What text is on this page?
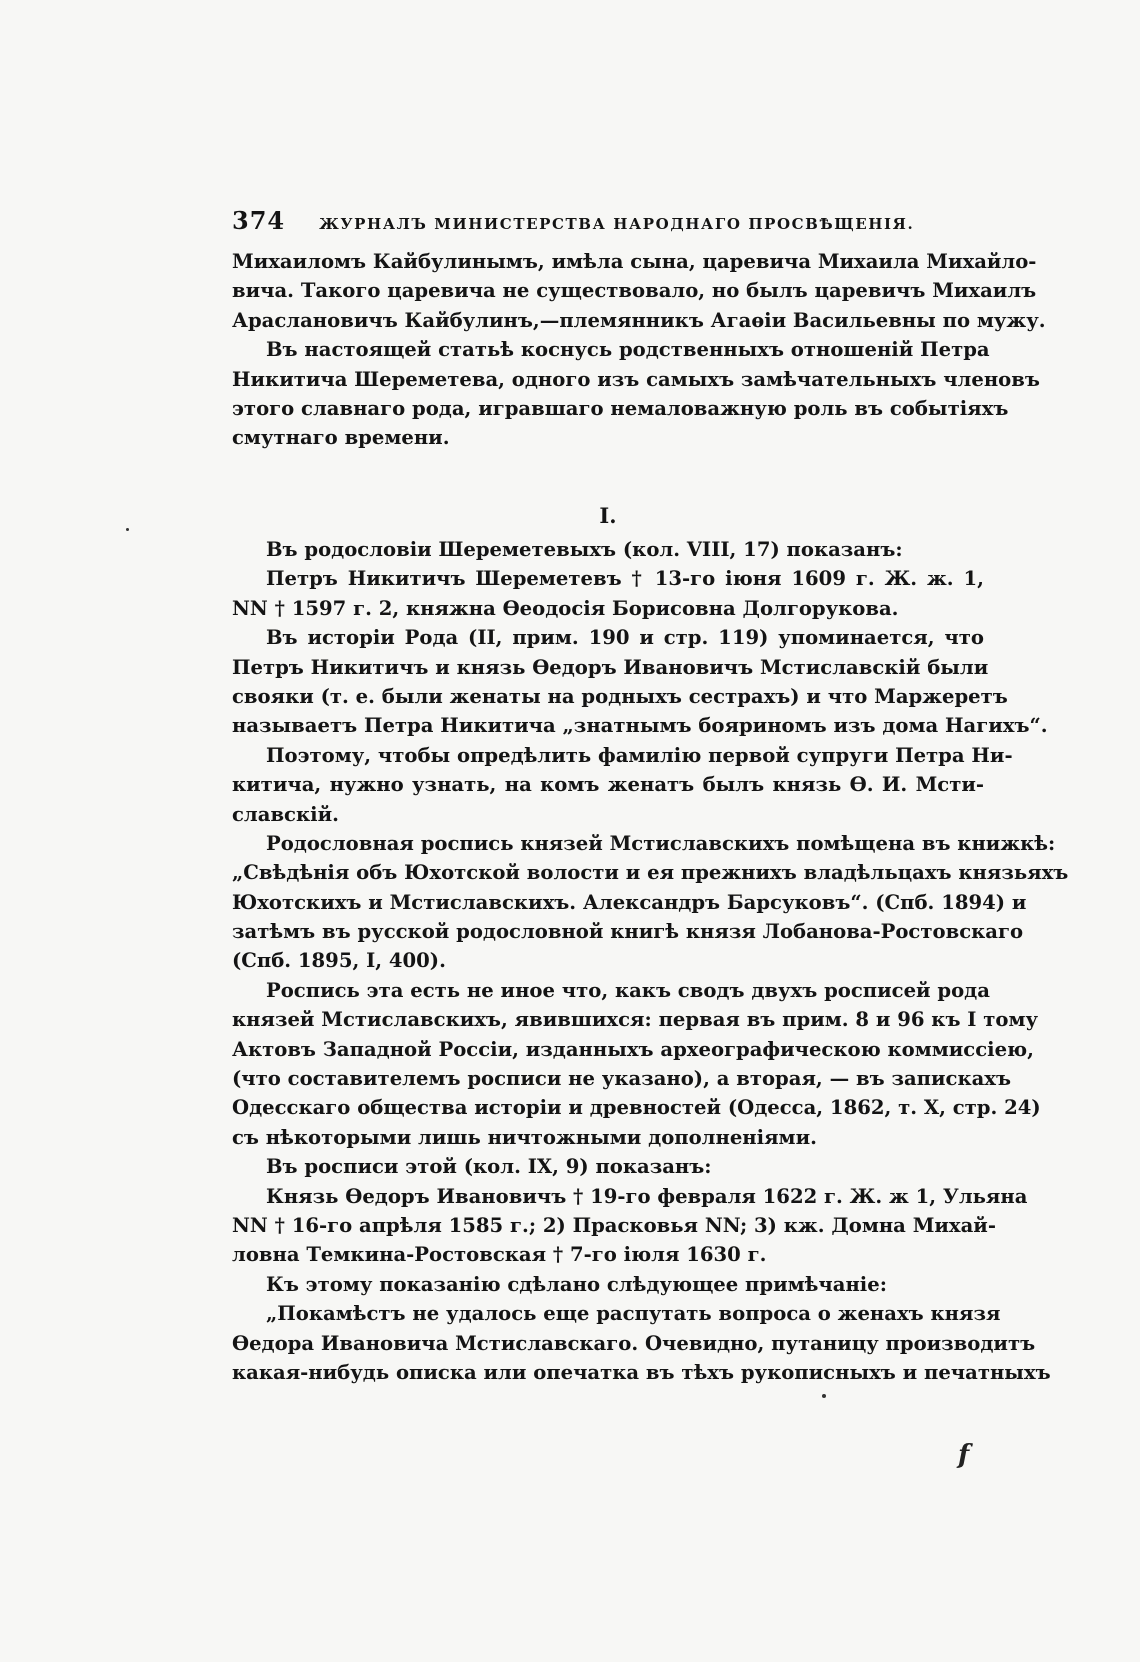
374 ЖУРНАЛЪ МИНИСТЕРСТВА НАРОДНАГО ПРОСВѢЩЕНІЯ.
Михаиломъ Кайбулинымъ, имѣла сына, царевича Михаила Михайло-
вича. Такого царевича не существовало, но былъ царевичъ Михаилъ
Араслановичъ Кайбулинъ,—племянникъ Агаѳіи Васильевны по мужу.
Въ настоящей статьѣ коснусь родственныхъ отношеній Петра
Никитича Шереметева, одного изъ самыхъ замѣчательныхъ членовъ
этого славнаго рода, игравшаго немаловажную роль въ событіяхъ
смутнаго времени.
I.
Въ родословіи Шереметевыхъ (кол. VIII, 17) показанъ:
Петръ Никитичъ Шереметевъ † 13-го іюня 1609 г. Ж. ж. 1,
NN † 1597 г. 2, княжна Ѳеодосія Борисовна Долгорукова.
Въ исторіи Рода (II, прим. 190 и стр. 119) упоминается, что
Петръ Никитичъ и князь Ѳедоръ Ивановичъ Мстиславскій были
свояки (т. е. были женаты на родныхъ сестрахъ) и что Маржеретъ
называетъ Петра Никитича „знатнымъ бояриномъ изъ дома Нагихъ“.
Поэтому, чтобы опредѣлить фамилію первой супруги Петра Ни-
китича, нужно узнать, на комъ женатъ былъ князь Ѳ. И. Мсти-
славскій.
Родословная роспись князей Мстиславскихъ помѣщена въ книжкѣ:
„Свѣдѣнія объ Юхотской волости и ея прежнихъ владѣльцахъ князьяхъ
Юхотскихъ и Мстиславскихъ. Александръ Барсуковъ“. (Спб. 1894) и
затѣмъ въ русской родословной книгѣ князя Лобанова-Ростовскаго
(Спб. 1895, I, 400).
Роспись эта есть не иное что, какъ сводъ двухъ росписей рода
князей Мстиславскихъ, явившихся: первая въ прим. 8 и 96 къ I тому
Актовъ Западной Россіи, изданныхъ археографическою коммиссіею,
(что составителемъ росписи не указано), а вторая, — въ запискахъ
Одесскаго общества исторіи и древностей (Одесса, 1862, т. X, стр. 24)
съ нѣкоторыми лишь ничтожными дополненіями.
Въ росписи этой (кол. IX, 9) показанъ:
Князь Ѳедоръ Ивановичъ † 19-го февраля 1622 г. Ж. ж 1, Ульяна
NN † 16-го апрѣля 1585 г.; 2) Прасковья NN; 3) кж. Домна Михай-
ловна Темкина-Ростовская † 7-го іюля 1630 г.
Къ этому показанію сдѣлано слѣдующее примѣчаніе:
„Покамѣстъ не удалось еще распутать вопроса о женахъ князя
Ѳедора Ивановича Мстиславскаго. Очевидно, путаницу производитъ
какая-нибудь описка или опечатка въ тѣхъ рукописныхъ и печатныхъ
f
